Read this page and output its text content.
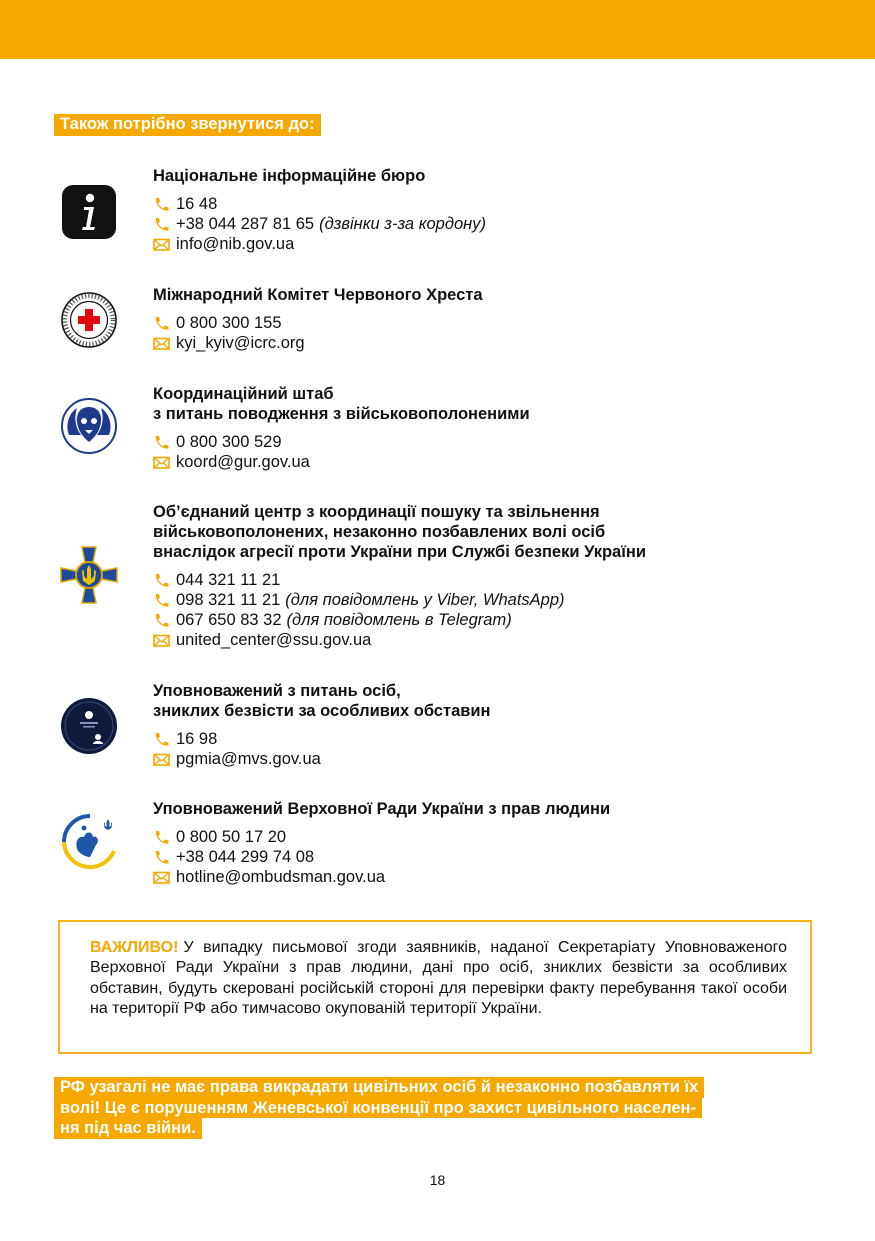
Також потрібно звернутися до:
Національне інформаційне бюро
16 48
+38 044 287 81 65 (дзвінки з-за кордону)
info@nib.gov.ua
Міжнародний Комітет Червоного Хреста
0 800 300 155
kyi_kyiv@icrc.org
Координаційний штаб
з питань поводження з військовополоненими
0 800 300 529
koord@gur.gov.ua
Об’єднаний центр з координації пошуку та звільнення
військовополонених, незаконно позбавлених волі осіб
внаслідок агресії проти України при Службі безпеки України
044 321 11 21
098 321 11 21 (для повідомлень у Viber, WhatsApp)
067 650 83 32 (для повідомлень в Telegram)
united_center@ssu.gov.ua
Уповноважений з питань осіб,
зниклих безвісти за особливих обставин
16 98
pgmia@mvs.gov.ua
Уповноважений Верховної Ради України з прав людини
0 800 50 17 20
+38 044 299 74 08
hotline@ombudsman.gov.ua
ВАЖЛИВО! У випадку письмової згоди заявників, наданої Секретаріату Уповноваженого Верховної Ради України з прав людини, дані про осіб, зниклих безвісти за особливих обставин, будуть скеровані російській стороні для перевірки факту перебування такої особи на території РФ або тимчасово окупованій території України.
РФ узагалі не має права викрадати цивільних осіб й незаконно позбавляти їх
волі! Це є порушенням Женевської конвенції про захист цивільного населен-
ня під час війни.
18
